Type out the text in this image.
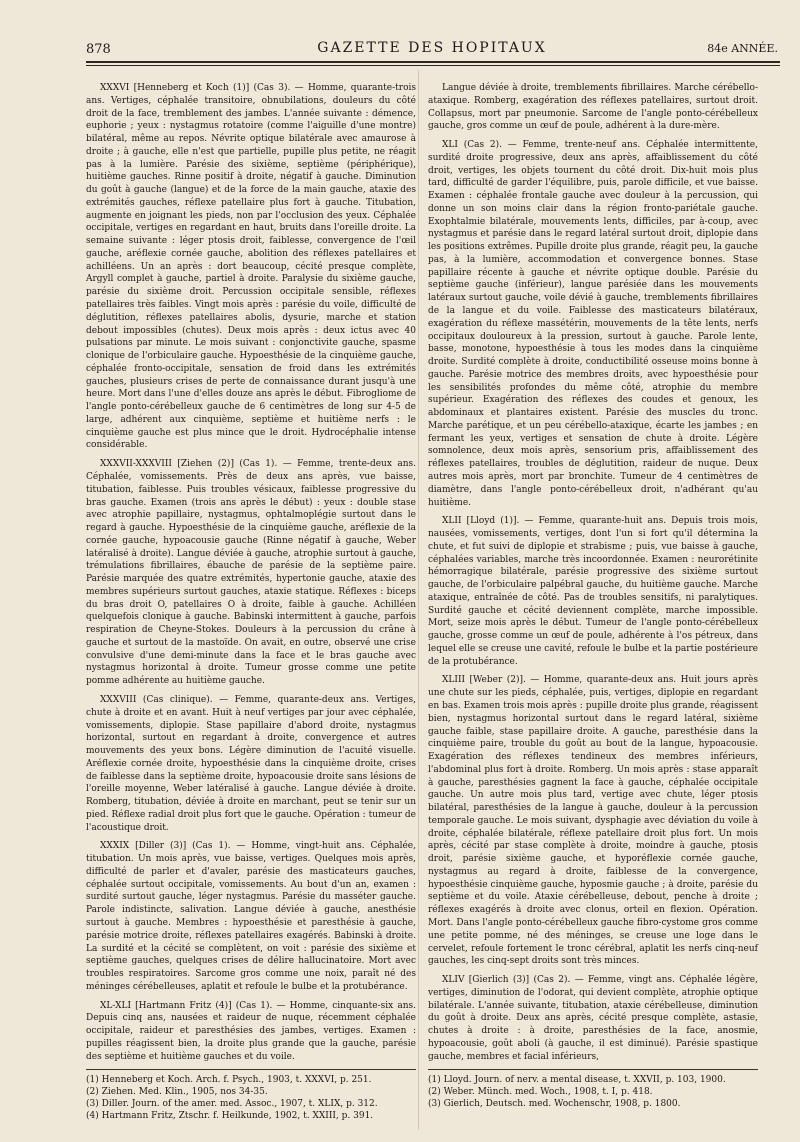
GAZETTE DES HOPITAUX
878	84e ANNÉE.

XXXVI [Henneberg et Koch (1)] (Cas 3). — Homme, quarante-trois ans. Vertiges, céphalée transitoire, obnubilations, douleurs du côté droit de la face, tremblement des jambes. L'année suivante : démence, euphorie ; yeux : nystagmus rotatoire (comme l'aiguille d'une montre) bilatéral, même au repos. Névrite optique bilatérale avec amaurose à droite ; à gauche, elle n'est que partielle, pupille plus petite, ne réagit pas à la lumière. Parésie des sixième, septième (périphérique), huitième gauches. Rinne positif à droite, négatif à gauche. Diminution du goût à gauche (langue) et de la force de la main gauche, ataxie des extrémités gauches, réflexe patellaire plus fort à gauche. Titubation, augmente en joignant les pieds, non par l'occlusion des yeux. Céphalée occipitale, vertiges en regardant en haut, bruits dans l'oreille droite. La semaine suivante : léger ptosis droit, faiblesse, convergence de l'œil gauche, aréflexie cornée gauche, abolition des réflexes patellaires et achilléens. Un an après : dort beaucoup, cécité presque complète, Argyll complet à gauche, partiel à droite. Paralysie du sixième gauche, parésie du sixième droit. Percussion occipitale sensible, réflexes patellaires très faibles. Vingt mois après : parésie du voile, difficulté de déglutition, réflexes patellaires abolis, dysurie, marche et station debout impossibles (chutes). Deux mois après : deux ictus avec 40 pulsations par minute. Le mois suivant : conjonctivite gauche, spasme clonique de l'orbiculaire gauche. Hypoesthésie de la cinquième gauche, céphalée fronto-occipitale, sensation de froid dans les extrémités gauches, plusieurs crises de perte de connaissance durant jusqu'à une heure. Mort dans l'une d'elles douze ans après le début. Fibrogliome de l'angle ponto-cérébelleux gauche de 6 centimètres de long sur 4-5 de large, adhérent aux cinquième, septième et huitième nerfs : le cinquième gauche est plus mince que le droit. Hydrocéphalie intense considérable.

XXXVII-XXXVIII [Ziehen (2)] (Cas 1). — Femme, trente-deux ans. Céphalée, vomissements. Près de deux ans après, vue baisse, titubation, faiblesse. Puis troubles vésicaux, faiblesse progressive du bras gauche. Examen (trois ans après le début) : yeux : double stase avec atrophie papillaire, nystagmus, ophtalmoplégie surtout dans le regard à gauche. Hypoesthésie de la cinquième gauche, aréflexie de la cornée gauche, hypoacousie gauche (Rinne négatif à gauche, Weber latéralisé à droite). Langue déviée à gauche, atrophie surtout à gauche, trémulations fibrillaires, ébauche de parésie de la septième paire. Parésie marquée des quatre extrémités, hypertonie gauche, ataxie des membres supérieurs surtout gauches, ataxie statique. Réflexes : biceps du bras droit O, patellaires O à droite, faible à gauche. Achilléen quelquefois clonique à gauche. Babinski intermittent à gauche, parfois respiration de Cheyne-Stokes. Douleurs à la percussion du crâne à gauche et surtout de la mastoïde. On avait, en outre, observé une crise convulsive d'une demi-minute dans la face et le bras gauche avec nystagmus horizontal à droite. Tumeur grosse comme une petite pomme adhérente au huitième gauche.

XXXVIII (Cas clinique). — Femme, quarante-deux ans. Vertiges, chute à droite et en avant. Huit à neuf vertiges par jour avec céphalée, vomissements, diplopie. Stase papillaire d'abord droite, nystagmus horizontal, surtout en regardant à droite, convergence et autres mouvements des yeux bons. Légère diminution de l'acuité visuelle. Aréflexie cornée droite, hypoesthésie dans la cinquième droite, crises de faiblesse dans la septième droite, hypoacousie droite sans lésions de l'oreille moyenne, Weber latéralisé à gauche. Langue déviée à droite. Romberg, titubation, déviée à droite en marchant, peut se tenir sur un pied. Réflexe radial droit plus fort que le gauche. Opération : tumeur de l'acoustique droit.

XXXIX [Diller (3)] (Cas 1). — Homme, vingt-huit ans. Céphalée, titubation. Un mois après, vue baisse, vertiges. Quelques mois après, difficulté de parler et d'avaler, parésie des masticateurs gauches, céphalée surtout occipitale, vomissements. Au bout d'un an, examen : surdité surtout gauche, léger nystagmus. Parésie du masséter gauche. Parole indistincte, salivation. Langue déviée à gauche, anesthésie surtout à gauche. Membres : hypoesthésie et paresthésie à gauche, parésie motrice droite, réflexes patellaires exagérés. Babinski à droite. La surdité et la cécité se complètent, on voit : parésie des sixième et septième gauches, quelques crises de délire hallucinatoire. Mort avec troubles respiratoires. Sarcome gros comme une noix, paraît né des méninges cérébelleuses, aplatit et refoule le bulbe et la protubérance.

XL-XLI [Hartmann Fritz (4)] (Cas 1). — Homme, cinquante-six ans. Depuis cinq ans, nausées et raideur de nuque, récemment céphalée occipitale, raideur et paresthésies des jambes, vertiges. Examen : pupilles réagissent bien, la droite plus grande que la gauche, parésie des septième et huitième gauches et du voile.

(1) Henneberg et Koch. Arch. f. Psych., 1903, t. XXXVI, p. 251.
(2) Ziehen. Med. Klin., 1905, nos 34-35.
(3) Diller. Journ. of the amer. med. Assoc., 1907, t. XLIX, p. 312.
(4) Hartmann Fritz, Ztschr. f. Heilkunde, 1902, t. XXIII, p. 391.

Langue déviée à droite, tremblements fibrillaires. Marche cérébello-ataxique. Romberg, exagération des réflexes patellaires, surtout droit. Collapsus, mort par pneumonie. Sarcome de l'angle ponto-cérébelleux gauche, gros comme un œuf de poule, adhérent à la dure-mère.

XLI (Cas 2). — Femme, trente-neuf ans. Céphalée intermittente, surdité droite progressive, deux ans après, affaiblissement du côté droit, vertiges, les objets tournent du côté droit. Dix-huit mois plus tard, difficulté de garder l'équilibre, puis, parole difficile, et vue baisse. Examen : céphalée frontale gauche avec douleur à la percussion, qui donne un son moins clair dans la région fronto-pariétale gauche. Exophtalmie bilatérale, mouvements lents, difficiles, par à-coup, avec nystagmus et parésie dans le regard latéral surtout droit, diplopie dans les positions extrêmes. Pupille droite plus grande, réagit peu, la gauche pas, à la lumière, accommodation et convergence bonnes. Stase papillaire récente à gauche et névrite optique double. Parésie du septième gauche (inférieur), langue parésiée dans les mouvements latéraux surtout gauche, voile dévié à gauche, tremblements fibrillaires de la langue et du voile. Faiblesse des masticateurs bilatéraux, exagération du réflexe massétérin, mouvements de la tête lents, nerfs occipitaux douloureux à la pression, surtout à gauche. Parole lente, basse, monotone, hypoesthésie à tous les modes dans la cinquième droite. Surdité complète à droite, conductibilité osseuse moins bonne à gauche. Parésie motrice des membres droits, avec hypoesthésie pour les sensibilités profondes du même côté, atrophie du membre supérieur. Exagération des réflexes des coudes et genoux, les abdominaux et plantaires existent. Parésie des muscles du tronc. Marche parétique, et un peu cérébello-ataxique, écarte les jambes ; en fermant les yeux, vertiges et sensation de chute à droite. Légère somnolence, deux mois après, sensorium pris, affaiblissement des réflexes patellaires, troubles de déglutition, raideur de nuque. Deux autres mois après, mort par bronchite. Tumeur de 4 centimètres de diamètre, dans l'angle ponto-cérébelleux droit, n'adhérant qu'au huitième.

XLII [Lloyd (1)]. — Femme, quarante-huit ans. Depuis trois mois, nausées, vomissements, vertiges, dont l'un si fort qu'il détermina la chute, et fut suivi de diplopie et strabisme ; puis, vue baisse à gauche, céphalées variables, marche très incoordonnée. Examen : neurorétinite hémorragique bilatérale, parésie progressive des sixième surtout gauche, de l'orbiculaire palpébral gauche, du huitième gauche. Marche ataxique, entraînée de côté. Pas de troubles sensitifs, ni paralytiques. Surdité gauche et cécité deviennent complète, marche impossible. Mort, seize mois après le début. Tumeur de l'angle ponto-cérébelleux gauche, grosse comme un œuf de poule, adhérente à l'os pétreux, dans lequel elle se creuse une cavité, refoule le bulbe et la partie postérieure de la protubérance.

XLIII [Weber (2)]. — Homme, quarante-deux ans. Huit jours après une chute sur les pieds, céphalée, puis, vertiges, diplopie en regardant en bas. Examen trois mois après : pupille droite plus grande, réagissent bien, nystagmus horizontal surtout dans le regard latéral, sixième gauche faible, stase papillaire droite. A gauche, paresthésie dans la cinquième paire, trouble du goût au bout de la langue, hypoacousie. Exagération des réflexes tendineux des membres inférieurs, l'abdominal plus fort à droite. Romberg. Un mois après : stase apparaît à gauche, paresthésies gagnent la face à gauche, céphalée occipitale gauche. Un autre mois plus tard, vertige avec chute, léger ptosis bilatéral, paresthésies de la langue à gauche, douleur à la percussion temporale gauche. Le mois suivant, dysphagie avec déviation du voile à droite, céphalée bilatérale, réflexe patellaire droit plus fort. Un mois après, cécité par stase complète à droite, moindre à gauche, ptosis droit, parésie sixième gauche, et hyporéflexie cornée gauche, nystagmus au regard à droite, faiblesse de la convergence, hypoesthésie cinquième gauche, hyposmie gauche ; à droite, parésie du septième et du voile. Ataxie cérébelleuse, debout, penche à droite ; réflexes exagérés à droite avec clonus, orteil en flexion. Opération. Mort. Dans l'angle ponto-cérébelleux gauche fibro-cystome gros comme une petite pomme, né des méninges, se creuse une loge dans le cervelet, refoule fortement le tronc cérébral, aplatit les nerfs cinq-neuf gauches, les cinq-sept droits sont très minces.

XLIV [Gierlich (3)] (Cas 2). — Femme, vingt ans. Céphalée légère, vertiges, diminution de l'odorat, qui devient complète, atrophie optique bilatérale. L'année suivante, titubation, ataxie cérébelleuse, diminution du goût à droite. Deux ans après, cécité presque complète, astasie, chutes à droite : à droite, paresthésies de la face, anosmie, hypoacousie, goût aboli (à gauche, il est diminué). Parésie spastique gauche, membres et facial inférieurs,

(1) Lloyd. Journ. of nerv. a mental disease, t. XXVII, p. 103, 1900.
(2) Weber. Münch. med. Woch., 1908, t. I, p. 418.
(3) Gierlich, Deutsch. med. Wochenschr, 1908, p. 1800.
